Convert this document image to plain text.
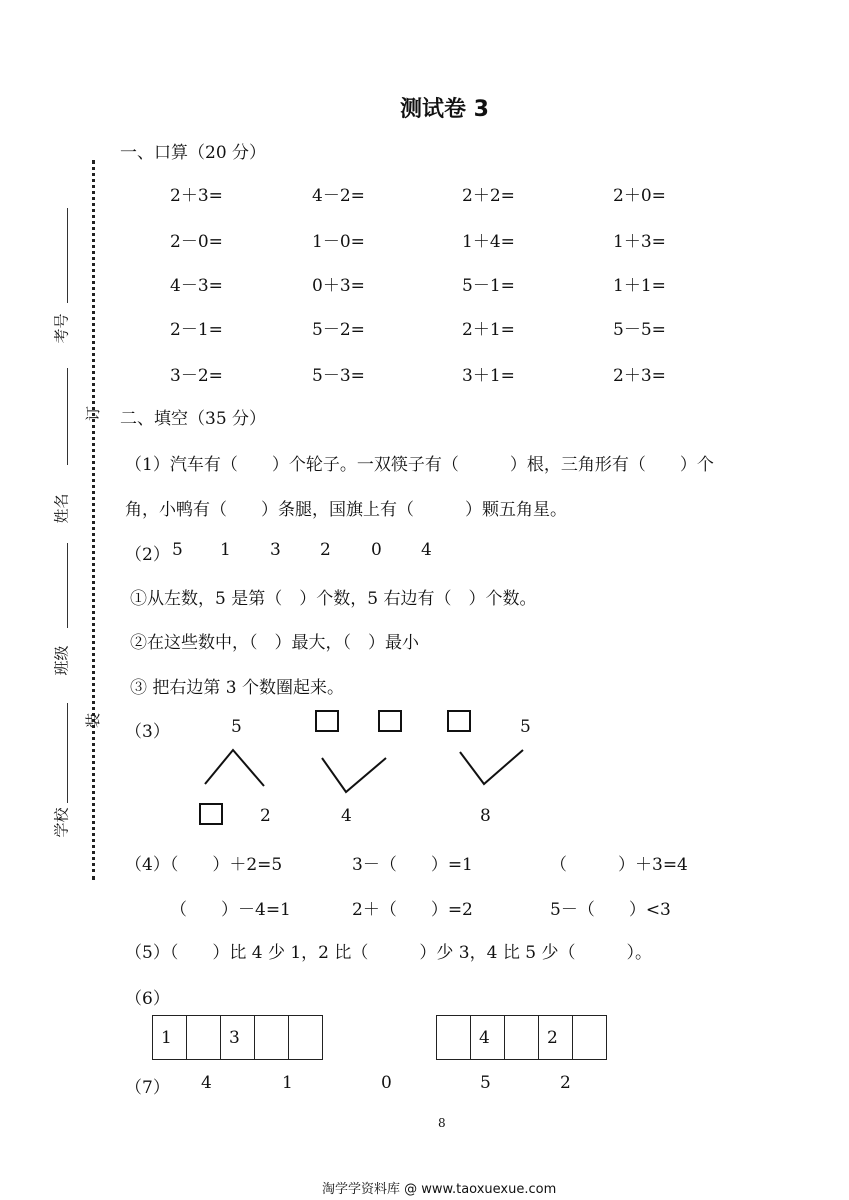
测试卷 3
考号
姓名
班级
学校
订
装
一、口算（20 分）
2＋3=	4－2=	2＋2=	2＋0=
2－0=	1－0=	1＋4=	1＋3=
4－3=	0＋3=	5－1=	1＋1=
2－1=	5－2=	2＋1=	5－5=
3－2=	5－3=	3＋1=	2＋3=
二、填空（35 分）
（1）汽车有（　　）个轮子。一双筷子有（　　　）根，三角形有（　　）个
角，小鸭有（　　）条腿，国旗上有（　　　）颗五角星。
（2） 5 1 3 2 0 4
①从左数，5 是第（　）个数，5 右边有（　）个数。
②在这些数中，（　）最大，（　）最小
③ 把右边第 3 个数圈起来。
（3）	5	5
2	4	8
（4）（　　）＋2=5	3－（　　）=1	（　　　）＋3=4
（　　）－4=1	2＋（　　）=2	5－（　　）<3
（5）（　　）比 4 少 1，2 比（　　　）少 3，4 比 5 少（　　　）。
（6）
1		3		
		4		2	
（7） 4	1	0	5	2
8
淘学学资料库 @ www.taoxuexue.com
